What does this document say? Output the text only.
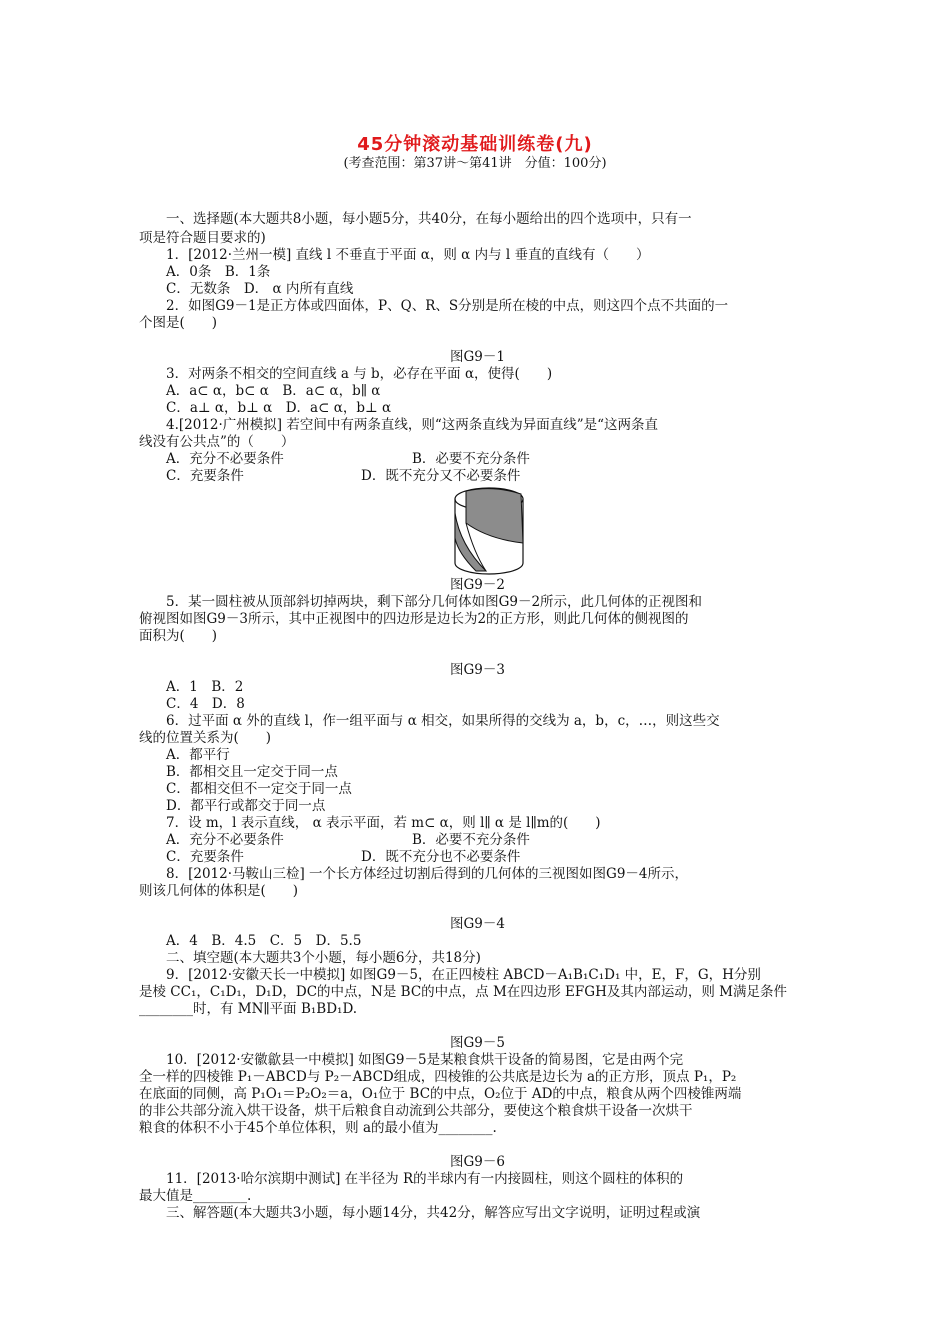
45分钟滚动基础训练卷(九)
(考查范围：第37讲～第41讲　分值：100分)
一、选择题(本大题共8小题，每小题5分，共40分，在每小题给出的四个选项中，只有一
项是符合题目要求的)
1．[2012·兰州一模] 直线 l 不垂直于平面 α，则 α 内与 l 垂直的直线有（　　）
A．0条　B．1条
C．无数条　D． α 内所有直线
2．如图G9－1是正方体或四面体，P、Q、R、S分别是所在棱的中点，则这四个点不共面的一
个图是(　　)
图G9－1
3．对两条不相交的空间直线 a 与 b，必存在平面 α，使得(　　)
A．a⊂ α，b⊂ α　B．a⊂ α，b∥ α
C．a⊥ α，b⊥ α　D．a⊂ α，b⊥ α
4.[2012·广州模拟] 若空间中有两条直线，则“这两条直线为异面直线”是“这两条直
线没有公共点”的（　　）
A．充分不必要条件	B．必要不充分条件
C．充要条件	D．既不充分又不必要条件
图G9－2
5．某一圆柱被从顶部斜切掉两块，剩下部分几何体如图G9－2所示，此几何体的正视图和
俯视图如图G9－3所示，其中正视图中的四边形是边长为2的正方形，则此几何体的侧视图的
面积为(　　)
图G9－3
A．1　B．2
C．4　D．8
6．过平面 α 外的直线 l，作一组平面与 α 相交，如果所得的交线为 a，b，c，…，则这些交
线的位置关系为(　　)
A．都平行
B．都相交且一定交于同一点
C．都相交但不一定交于同一点
D．都平行或都交于同一点
7．设 m，l 表示直线， α 表示平面，若 m⊂ α，则 l∥ α 是 l∥m的(　　)
A．充分不必要条件	B．必要不充分条件
C．充要条件	D．既不充分也不必要条件
8．[2012·马鞍山三检] 一个长方体经过切割后得到的几何体的三视图如图G9－4所示，
则该几何体的体积是(　　)
图G9－4
A．4　B．4.5　C．5　D．5.5
二、填空题(本大题共3个小题，每小题6分，共18分)
9．[2012·安徽天长一中模拟] 如图G9－5，在正四棱柱 ABCD－A₁B₁C₁D₁ 中，E，F，G，H分别
是棱 CC₁，C₁D₁，D₁D，DC的中点，N是 BC的中点，点 M在四边形 EFGH及其内部运动，则 M满足条件
________时，有 MN∥平面 B₁BD₁D.
图G9－5
10．[2012·安徽歙县一中模拟] 如图G9－5是某粮食烘干设备的简易图，它是由两个完
全一样的四棱锥 P₁－ABCD与 P₂－ABCD组成，四棱锥的公共底是边长为 a的正方形，顶点 P₁，P₂
在底面的同侧，高 P₁O₁＝P₂O₂＝a，O₁位于 BC的中点，O₂位于 AD的中点，粮食从两个四棱锥两端
的非公共部分流入烘干设备，烘干后粮食自动流到公共部分，要使这个粮食烘干设备一次烘干
粮食的体积不小于45个单位体积，则 a的最小值为________.
图G9－6
11．[2013·哈尔滨期中测试] 在半径为 R的半球内有一内接圆柱，则这个圆柱的体积的
最大值是________.
三、解答题(本大题共3小题，每小题14分，共42分，解答应写出文字说明，证明过程或演
